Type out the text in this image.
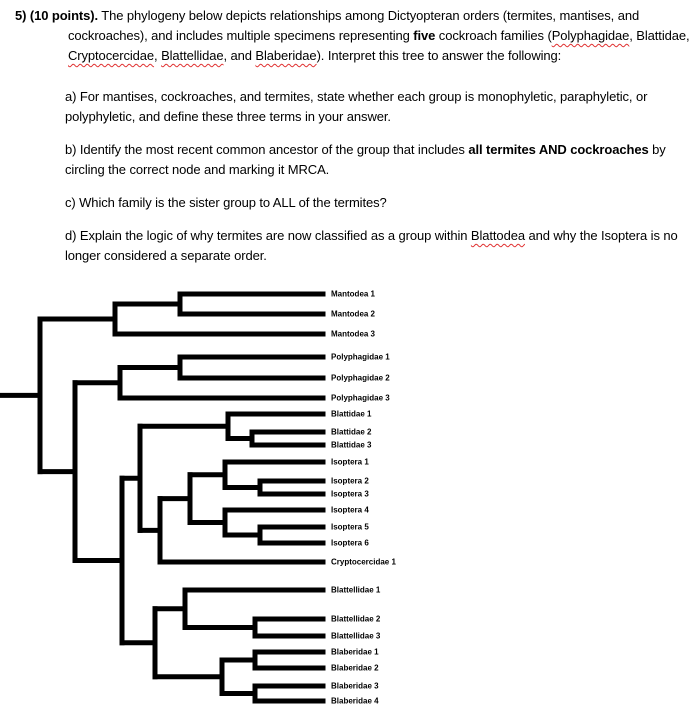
5) (10 points). The phylogeny below depicts relationships among Dictyopteran orders (termites, mantises, and cockroaches), and includes multiple specimens representing five cockroach families (Polyphagidae, Blattidae, Cryptocercidae, Blattellidae, and Blaberidae). Interpret this tree to answer the following:

a) For mantises, cockroaches, and termites, state whether each group is monophyletic, paraphyletic, or polyphyletic, and define these three terms in your answer.

b) Identify the most recent common ancestor of the group that includes all termites AND cockroaches by circling the correct node and marking it MRCA.

c) Which family is the sister group to ALL of the termites?

d) Explain the logic of why termites are now classified as a group within Blattodea and why the Isoptera is no longer considered a separate order.

Mantodea 1
Mantodea 2
Mantodea 3
Polyphagidae 1
Polyphagidae 2
Polyphagidae 3
Blattidae 1
Blattidae 2
Blattidae 3
Isoptera 1
Isoptera 2
Isoptera 3
Isoptera 4
Isoptera 5
Isoptera 6
Cryptocercidae 1
Blattellidae 1
Blattellidae 2
Blattellidae 3
Blaberidae 1
Blaberidae 2
Blaberidae 3
Blaberidae 4
